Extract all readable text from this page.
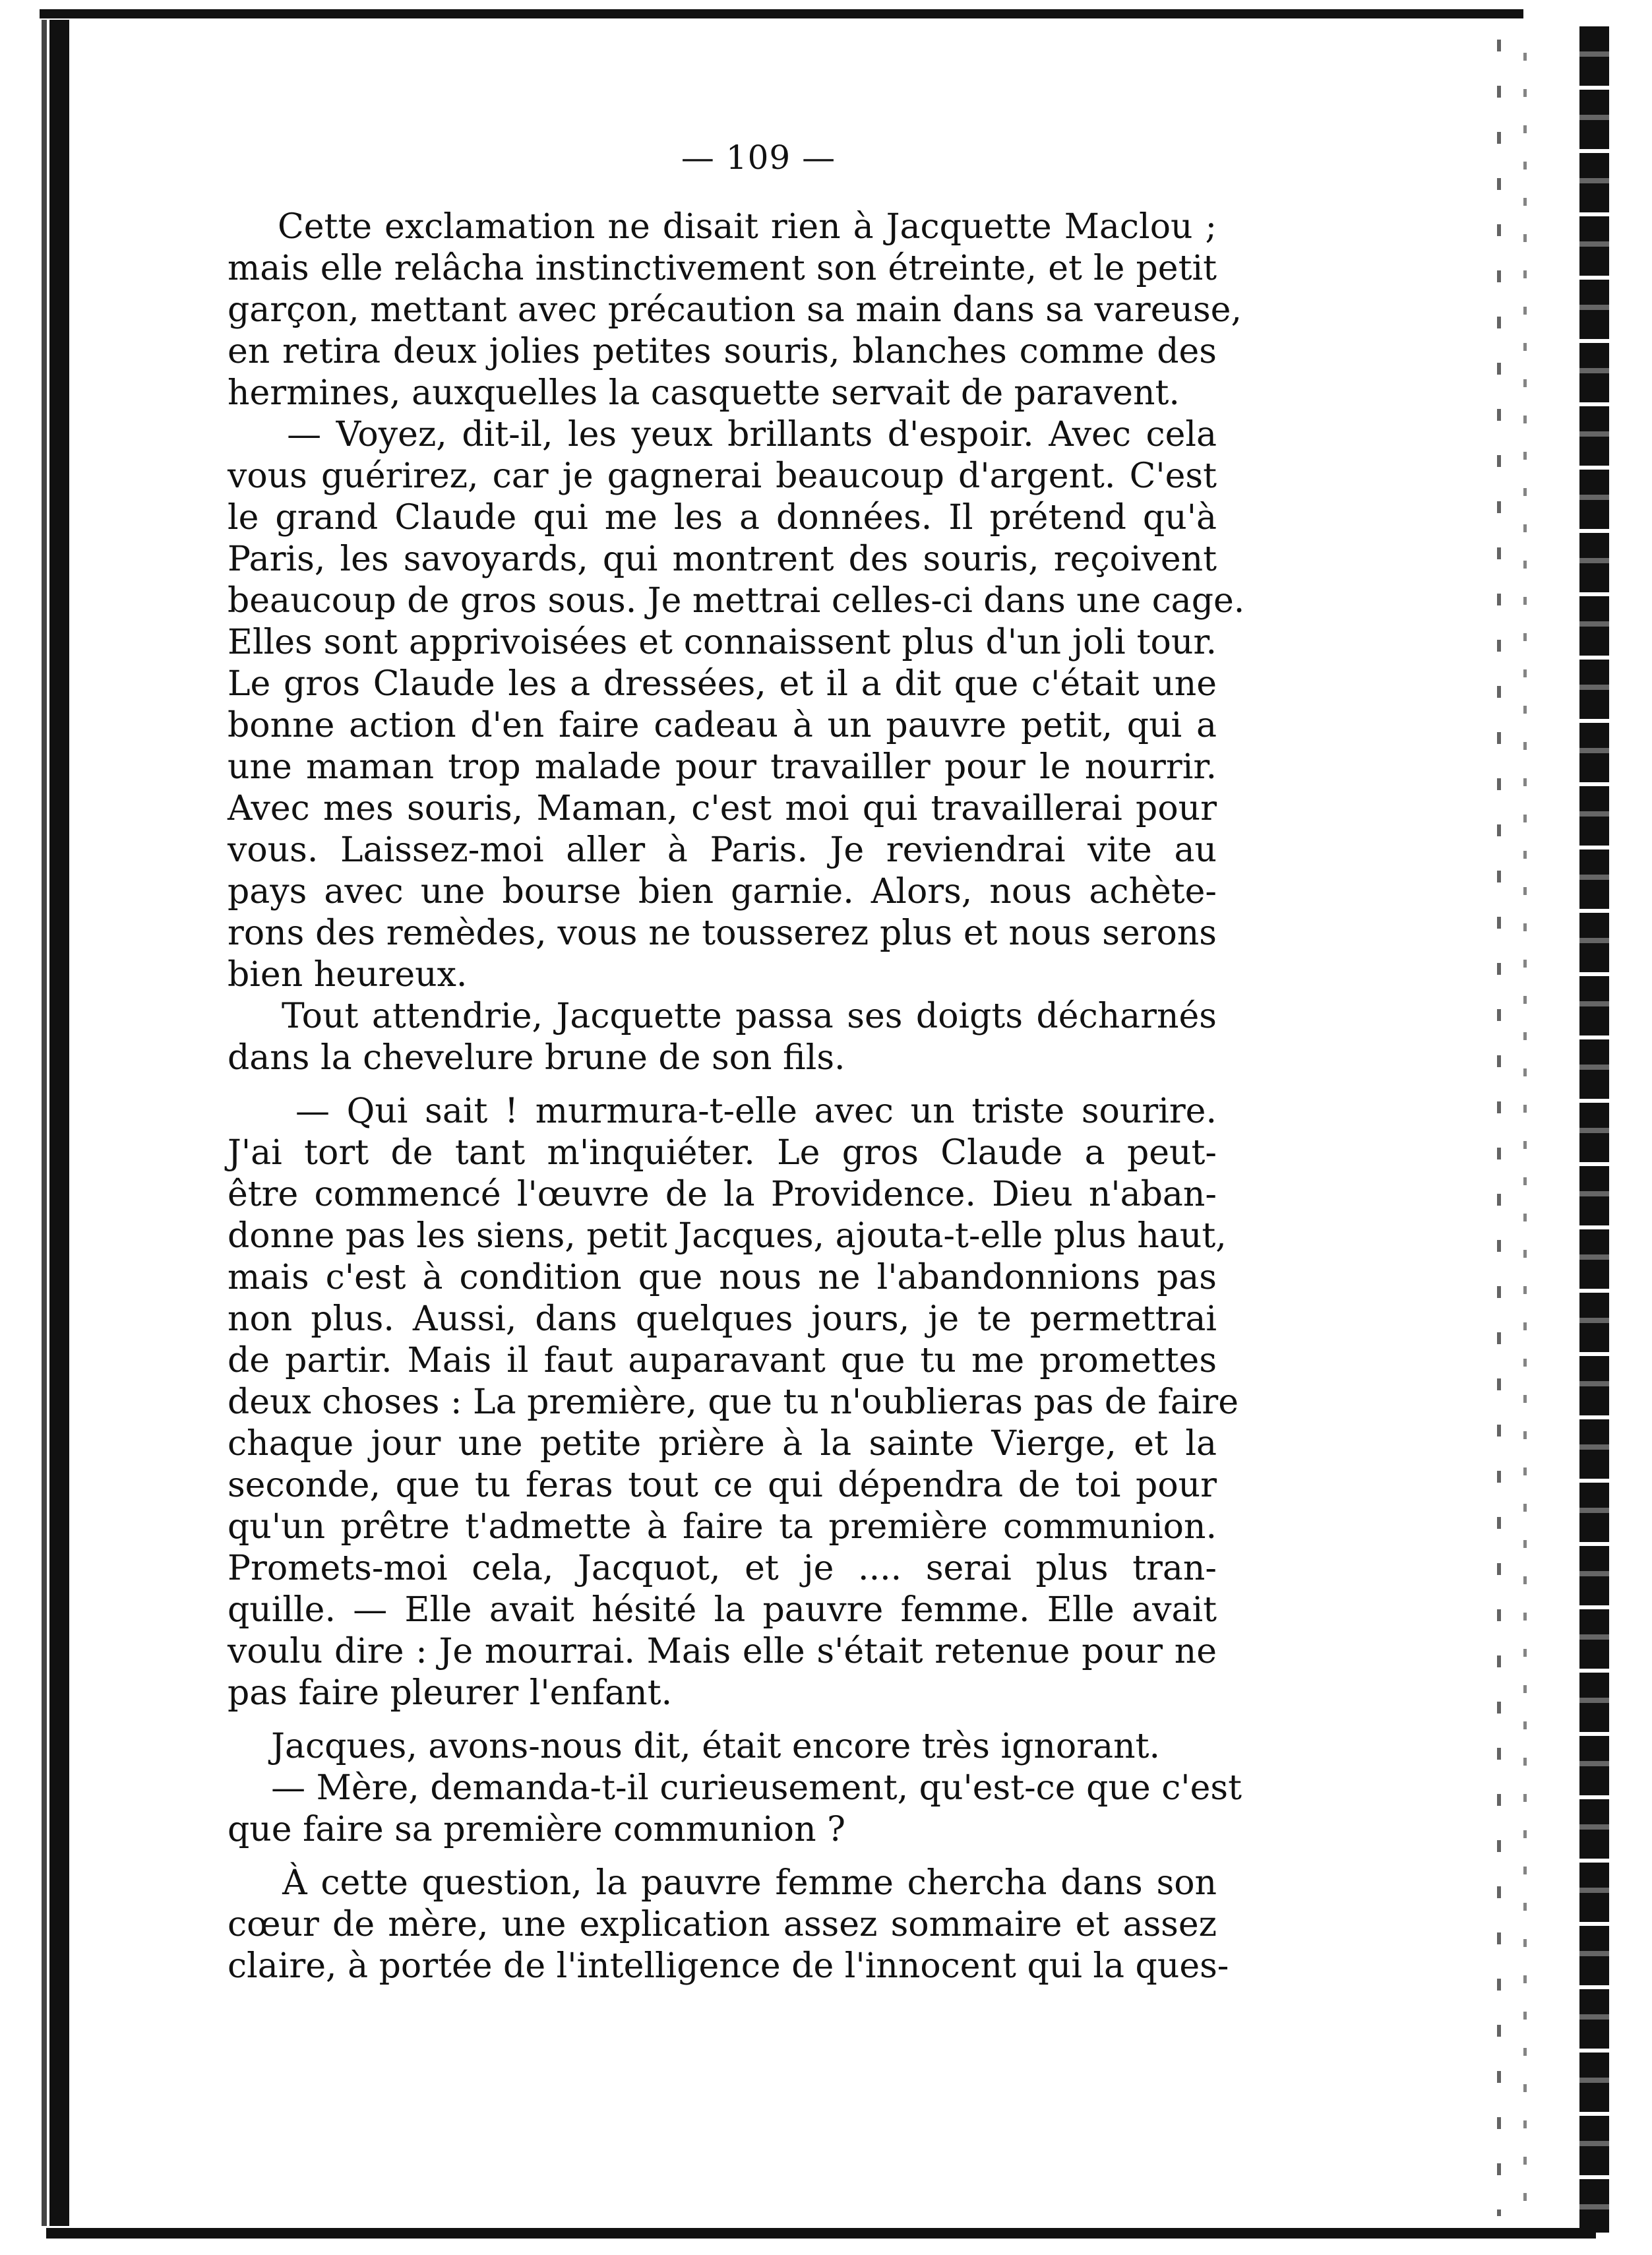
— 109 —
Cette exclamation ne disait rien à Jacquette Maclou ;
mais elle relâcha instinctivement son étreinte, et le petit
garçon, mettant avec précaution sa main dans sa vareuse,
en retira deux jolies petites souris, blanches comme des
hermines, auxquelles la casquette servait de paravent.
— Voyez, dit-il, les yeux brillants d'espoir. Avec cela
vous guérirez, car je gagnerai beaucoup d'argent. C'est
le grand Claude qui me les a données. Il prétend qu'à
Paris, les savoyards, qui montrent des souris, reçoivent
beaucoup de gros sous. Je mettrai celles-ci dans une cage.
Elles sont apprivoisées et connaissent plus d'un joli tour.
Le gros Claude les a dressées, et il a dit que c'était une
bonne action d'en faire cadeau à un pauvre petit, qui a
une maman trop malade pour travailler pour le nourrir.
Avec mes souris, Maman, c'est moi qui travaillerai pour
vous. Laissez-moi aller à Paris. Je reviendrai vite au
pays avec une bourse bien garnie. Alors, nous achète-
rons des remèdes, vous ne tousserez plus et nous serons
bien heureux.
Tout attendrie, Jacquette passa ses doigts décharnés
dans la chevelure brune de son fils.
— Qui sait ! murmura-t-elle avec un triste sourire.
J'ai tort de tant m'inquiéter. Le gros Claude a peut-
être commencé l'œuvre de la Providence. Dieu n'aban-
donne pas les siens, petit Jacques, ajouta-t-elle plus haut,
mais c'est à condition que nous ne l'abandonnions pas
non plus. Aussi, dans quelques jours, je te permettrai
de partir. Mais il faut auparavant que tu me promettes
deux choses : La première, que tu n'oublieras pas de faire
chaque jour une petite prière à la sainte Vierge, et la
seconde, que tu feras tout ce qui dépendra de toi pour
qu'un prêtre t'admette à faire ta première communion.
Promets-moi cela, Jacquot, et je .... serai plus tran-
quille. — Elle avait hésité la pauvre femme. Elle avait
voulu dire : Je mourrai. Mais elle s'était retenue pour ne
pas faire pleurer l'enfant.
Jacques, avons-nous dit, était encore très ignorant.
— Mère, demanda-t-il curieusement, qu'est-ce que c'est
que faire sa première communion ?
À cette question, la pauvre femme chercha dans son
cœur de mère, une explication assez sommaire et assez
claire, à portée de l'intelligence de l'innocent qui la ques-
